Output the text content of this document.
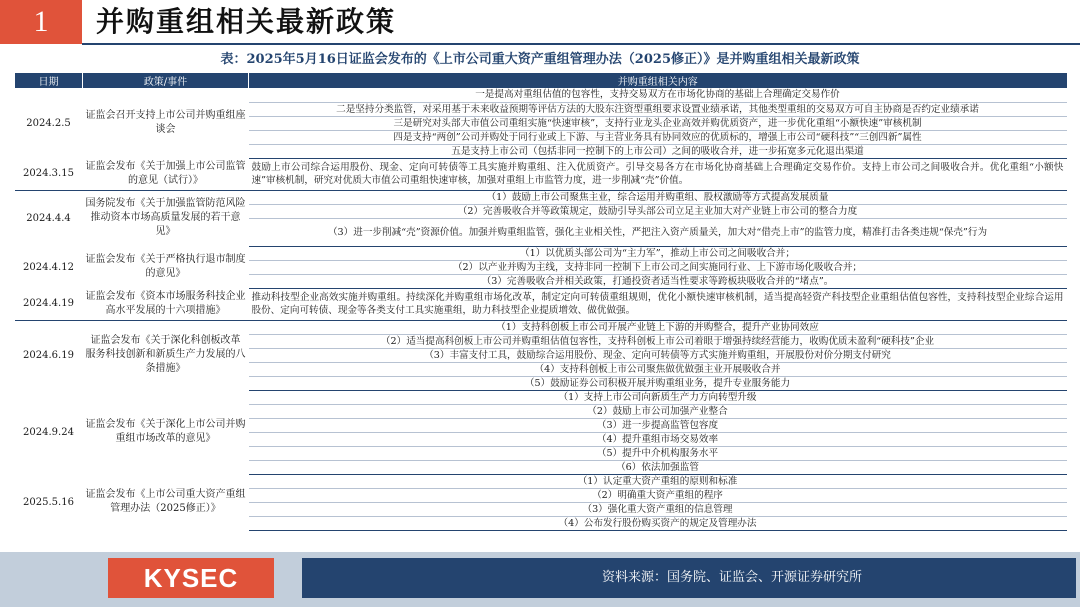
1	并购重组相关最新政策
表：2025年5月16日证监会发布的《上市公司重大资产重组管理办法（2025修正）》是并购重组相关最新政策
日期	政策/事件	并购重组相关内容
2024.2.5	证监会召开支持上市公司并购重组座谈会	一是提高对重组估值的包容性，支持交易双方在市场化协商的基础上合理确定交易作价
		二是坚持分类监管，对采用基于未来收益预期等评估方法的大股东注资型重组要求设置业绩承诺，其他类型重组的交易双方可自主协商是否约定业绩承诺
		三是研究对头部大市值公司重组实施“快速审核”，支持行业龙头企业高效并购优质资产，进一步优化重组“小额快速”审核机制
		四是支持“两创”公司并购处于同行业或上下游、与主营业务具有协同效应的优质标的，增强上市公司“硬科技”“三创四新”属性
		五是支持上市公司（包括非同一控制下的上市公司）之间的吸收合并，进一步拓宽多元化退出渠道
2024.3.15	证监会发布《关于加强上市公司监管的意见（试行）》	鼓励上市公司综合运用股份、现金、定向可转债等工具实施并购重组、注入优质资产。引导交易各方在市场化协商基础上合理确定交易作价。支持上市公司之间吸收合并。优化重组“小额快速”审核机制，研究对优质大市值公司重组快速审核，加强对重组上市监管力度，进一步削减“壳”价值。
2024.4.4	国务院发布《关于加强监管防范风险推动资本市场高质量发展的若干意见》	（1）鼓励上市公司聚焦主业，综合运用并购重组、股权激励等方式提高发展质量
		（2）完善吸收合并等政策规定，鼓励引导头部公司立足主业加大对产业链上市公司的整合力度
		（3）进一步削减“壳”资源价值。加强并购重组监管，强化主业相关性，严把注入资产质量关，加大对“借壳上市”的监管力度，精准打击各类违规“保壳”行为
2024.4.12	证监会发布《关于严格执行退市制度的意见》	（1）以优质头部公司为“主力军”，推动上市公司之间吸收合并；
		（2）以产业并购为主线，支持非同一控制下上市公司之间实施同行业、上下游市场化吸收合并；
		（3）完善吸收合并相关政策，打通投资者适当性要求等跨板块吸收合并的“堵点”。
2024.4.19	证监会发布《资本市场服务科技企业高水平发展的十六项措施》	推动科技型企业高效实施并购重组。持续深化并购重组市场化改革，制定定向可转债重组规则，优化小额快速审核机制，适当提高轻资产科技型企业重组估值包容性，支持科技型企业综合运用股份、定向可转债、现金等各类支付工具实施重组，助力科技型企业提质增效、做优做强。
2024.6.19	证监会发布《关于深化科创板改革 服务科技创新和新质生产力发展的八条措施》	（1）支持科创板上市公司开展产业链上下游的并购整合，提升产业协同效应
		（2）适当提高科创板上市公司并购重组估值包容性，支持科创板上市公司着眼于增强持续经营能力，收购优质未盈利“硬科技”企业
		（3）丰富支付工具，鼓励综合运用股份、现金、定向可转债等方式实施并购重组，开展股份对价分期支付研究
		（4）支持科创板上市公司聚焦做优做强主业开展吸收合并
		（5）鼓励证券公司积极开展并购重组业务，提升专业服务能力
2024.9.24	证监会发布《关于深化上市公司并购重组市场改革的意见》	（1）支持上市公司向新质生产力方向转型升级
		（2）鼓励上市公司加强产业整合
		（3）进一步提高监管包容度
		（4）提升重组市场交易效率
		（5）提升中介机构服务水平
		（6）依法加强监管
2025.5.16	证监会发布《上市公司重大资产重组管理办法（2025修正）》	（1）认定重大资产重组的原则和标准
		（2）明确重大资产重组的程序
		（3）强化重大资产重组的信息管理
		（4）公布发行股份购买资产的规定及管理办法
KYSEC	资料来源：国务院、证监会、开源证券研究所
